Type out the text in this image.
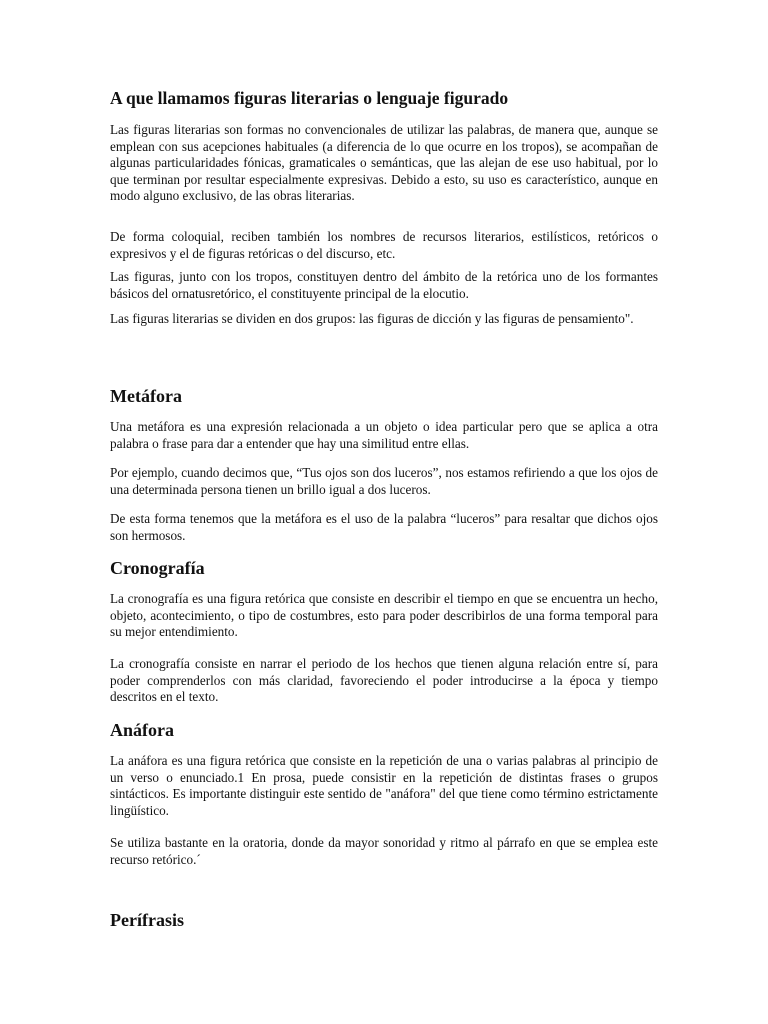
A que llamamos figuras literarias o lenguaje figurado

Las figuras literarias son formas no convencionales de utilizar las palabras, de manera que, aunque se emplean con sus acepciones habituales (a diferencia de lo que ocurre en los tropos), se acompañan de algunas particularidades fónicas, gramaticales o semánticas, que las alejan de ese uso habitual, por lo que terminan por resultar especialmente expresivas. Debido a esto, su uso es característico, aunque en modo alguno exclusivo, de las obras literarias.

De forma coloquial, reciben también los nombres de recursos literarios, estilísticos, retóricos o expresivos y el de figuras retóricas o del discurso, etc.

Las figuras, junto con los tropos, constituyen dentro del ámbito de la retórica uno de los formantes básicos del ornatusretórico, el constituyente principal de la elocutio.

Las figuras literarias se dividen en dos grupos: las figuras de dicción y las figuras de pensamiento".

Metáfora

Una metáfora es una expresión relacionada a un objeto o idea particular pero que se aplica a otra palabra o frase para dar a entender que hay una similitud entre ellas.

Por ejemplo, cuando decimos que, “Tus ojos son dos luceros”, nos estamos refiriendo a que los ojos de una determinada persona tienen un brillo igual a dos luceros.

De esta forma tenemos que la metáfora es el uso de la palabra “luceros” para resaltar que dichos ojos son hermosos.

Cronografía

La cronografía es una figura retórica que consiste en describir el tiempo en que se encuentra un hecho, objeto, acontecimiento, o tipo de costumbres, esto para poder describirlos de una forma temporal para su mejor entendimiento.

La cronografía consiste en narrar el periodo de los hechos que tienen alguna relación entre sí, para poder comprenderlos con más claridad, favoreciendo el poder introducirse a la época y tiempo descritos en el texto.

Anáfora

La anáfora es una figura retórica que consiste en la repetición de una o varias palabras al principio de un verso o enunciado.1 En prosa, puede consistir en la repetición de distintas frases o grupos sintácticos. Es importante distinguir este sentido de "anáfora" del que tiene como término estrictamente lingüístico.

Se utiliza bastante en la oratoria, donde da mayor sonoridad y ritmo al párrafo en que se emplea este recurso retórico.´

Perífrasis
